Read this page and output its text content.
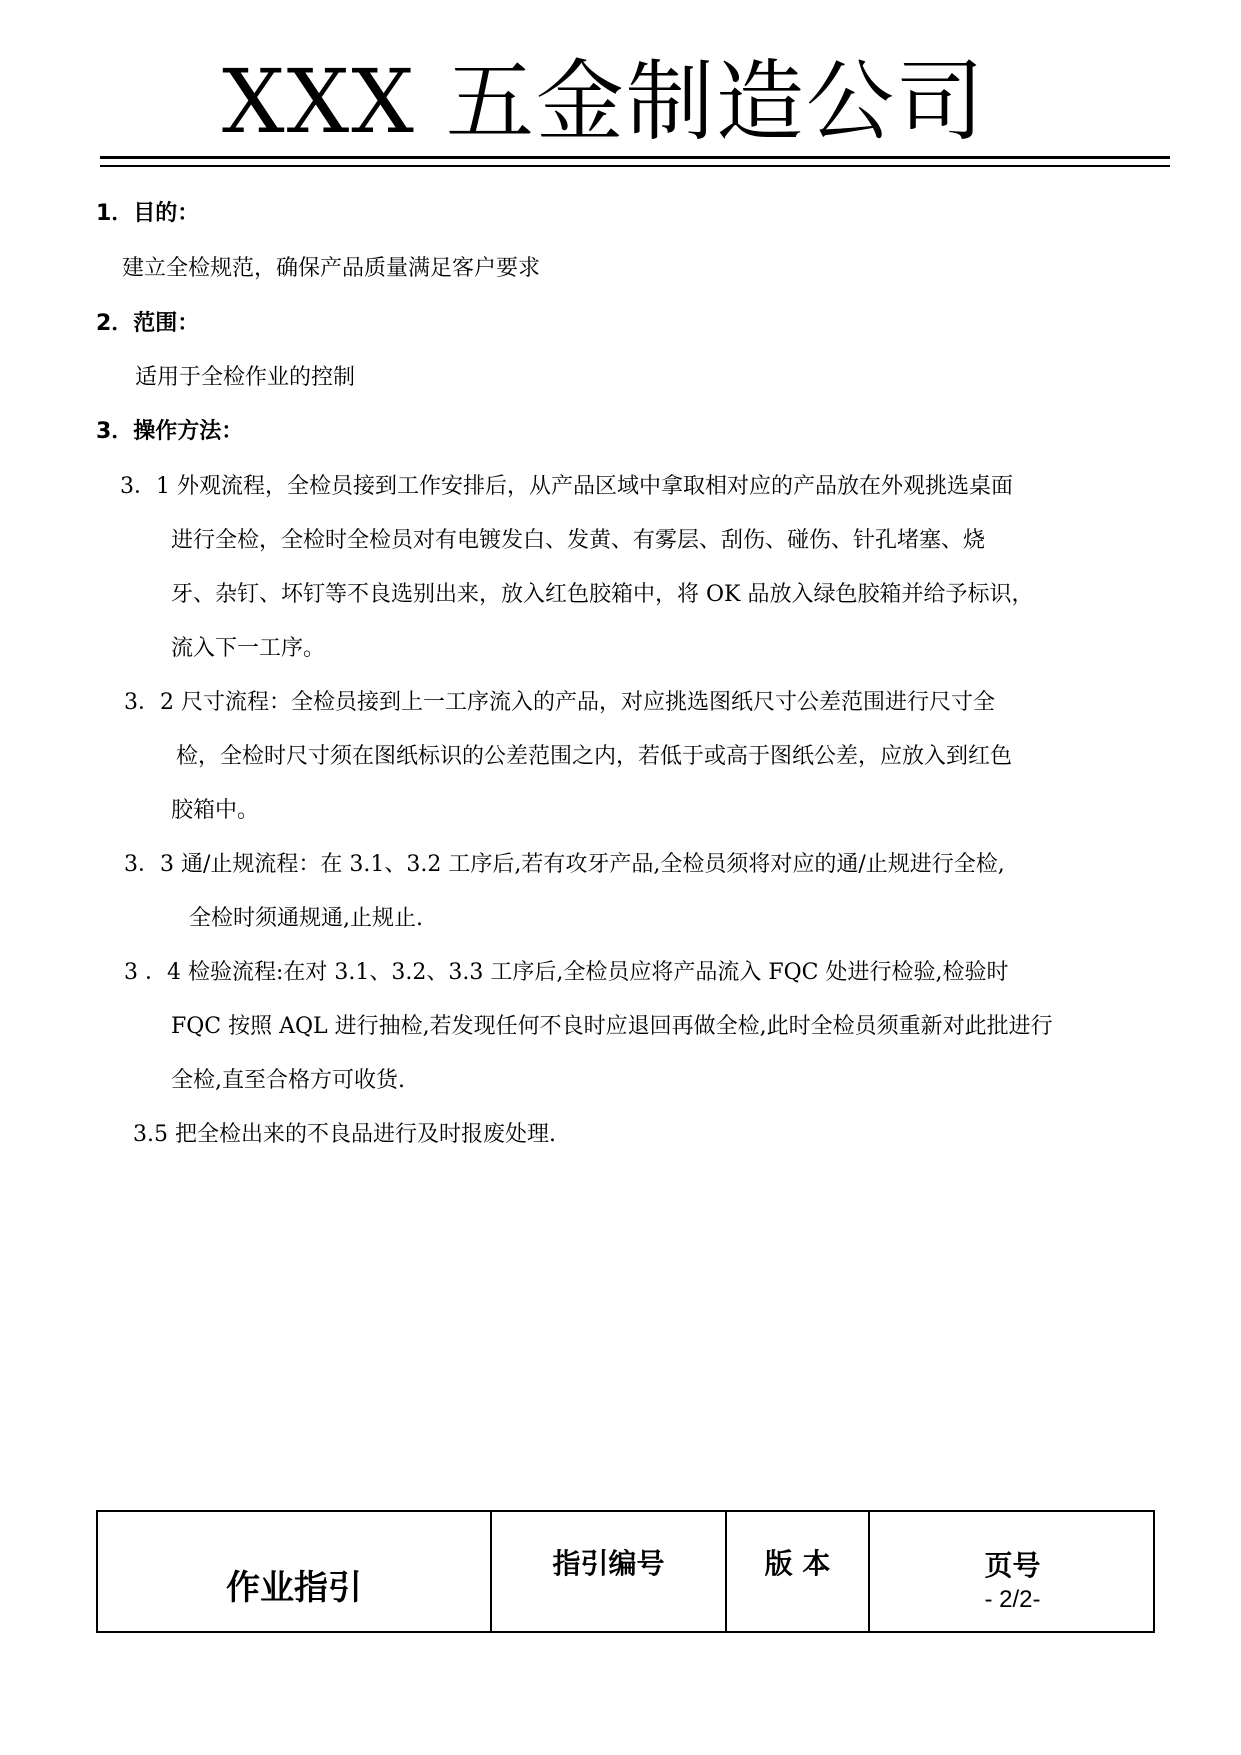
XXX 五金制造公司
1．目的：
建立全检规范，确保产品质量满足客户要求
2．范围：
适用于全检作业的控制
3．操作方法：
3．1 外观流程，全检员接到工作安排后，从产品区域中拿取相对应的产品放在外观挑选桌面
进行全检，全检时全检员对有电镀发白、发黄、有雾层、刮伤、碰伤、针孔堵塞、烧
牙、杂钉、坏钉等不良选别出来，放入红色胶箱中，将 OK 品放入绿色胶箱并给予标识，
流入下一工序。
3．2 尺寸流程：全检员接到上一工序流入的产品，对应挑选图纸尺寸公差范围进行尺寸全
检，全检时尺寸须在图纸标识的公差范围之内，若低于或高于图纸公差，应放入到红色
胶箱中。
3．3 通/止规流程：在 3.1、3.2 工序后,若有攻牙产品,全检员须将对应的通/止规进行全检,
全检时须通规通,止规止.
3 ．4 检验流程:在对 3.1、3.2、3.3 工序后,全检员应将产品流入 FQC 处进行检验,检验时
FQC 按照 AQL 进行抽检,若发现任何不良时应退回再做全检,此时全检员须重新对此批进行
全检,直至合格方可收货.
3.5 把全检出来的不良品进行及时报废处理.
作业指引
指引编号	版 本	页号
- 2/2-
